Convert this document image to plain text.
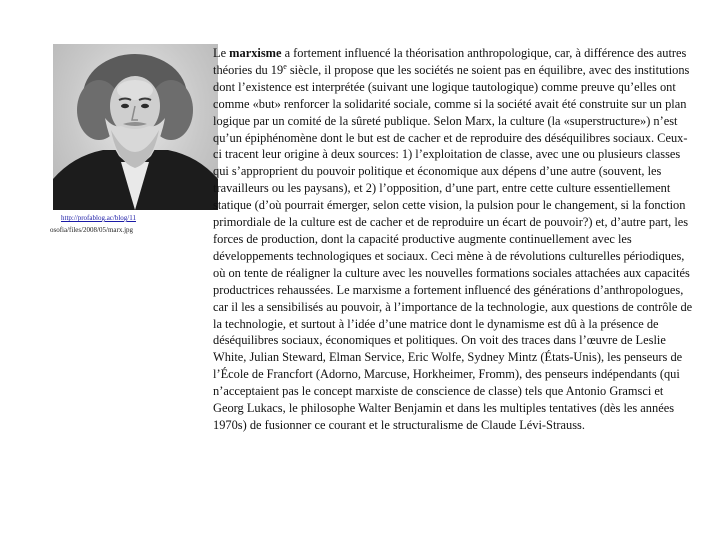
http://profablog.ac/blog/11
osofia/files/2008/05/marx.jpg
Le marxisme a fortement influencé la théorisation anthropologique, car, à différence des autres théories du 19e siècle, il propose que les sociétés ne soient pas en équilibre, avec des institutions dont l’existence est interprétée (suivant une logique tautologique) comme preuve qu’elles ont comme «but» renforcer la solidarité sociale, comme si la société avait été construite sur un plan logique par un comité de la sûreté publique. Selon Marx, la culture (la «superstructure») n’est qu’un épiphénomène dont le but est de cacher et de reproduire des déséquilibres sociaux. Ceux-ci tracent leur origine à deux sources: 1) l’exploitation de classe, avec une ou plusieurs classes qui s’approprient du pouvoir politique et économique aux dépens d’une autre (souvent, les travailleurs ou les paysans), et 2) l’opposition, d’une part, entre cette culture essentiellement statique (d’où pourrait émerger, selon cette vision, la pulsion pour le changement, si la fonction primordiale de la culture est de cacher et de reproduire un écart de pouvoir?) et, d’autre part, les forces de production, dont la capacité productive augmente continuellement avec les développements technologiques et sociaux. Ceci mène à de révolutions culturelles périodiques, où on tente de réaligner la culture avec les nouvelles formations sociales attachées aux capacités productrices rehaussées. Le marxisme a fortement influencé des générations d’anthropologues, car il les a sensibilisés au pouvoir, à l’importance de la technologie, aux questions de contrôle de la technologie, et surtout à l’idée d’une matrice dont le dynamisme est dû à la présence de déséquilibres sociaux, économiques et politiques. On voit des traces dans l’œuvre de Leslie White, Julian Steward, Elman Service, Eric Wolfe, Sydney Mintz (États-Unis), les penseurs de l’École de Francfort (Adorno, Marcuse, Horkheimer, Fromm), des penseurs indépendants (qui n’acceptaient pas le concept marxiste de conscience de classe) tels que Antonio Gramsci et Georg Lukacs, le philosophe Walter Benjamin et dans les multiples tentatives (dès les années 1970s) de fusionner ce courant et le structuralisme de Claude Lévi-Strauss.
